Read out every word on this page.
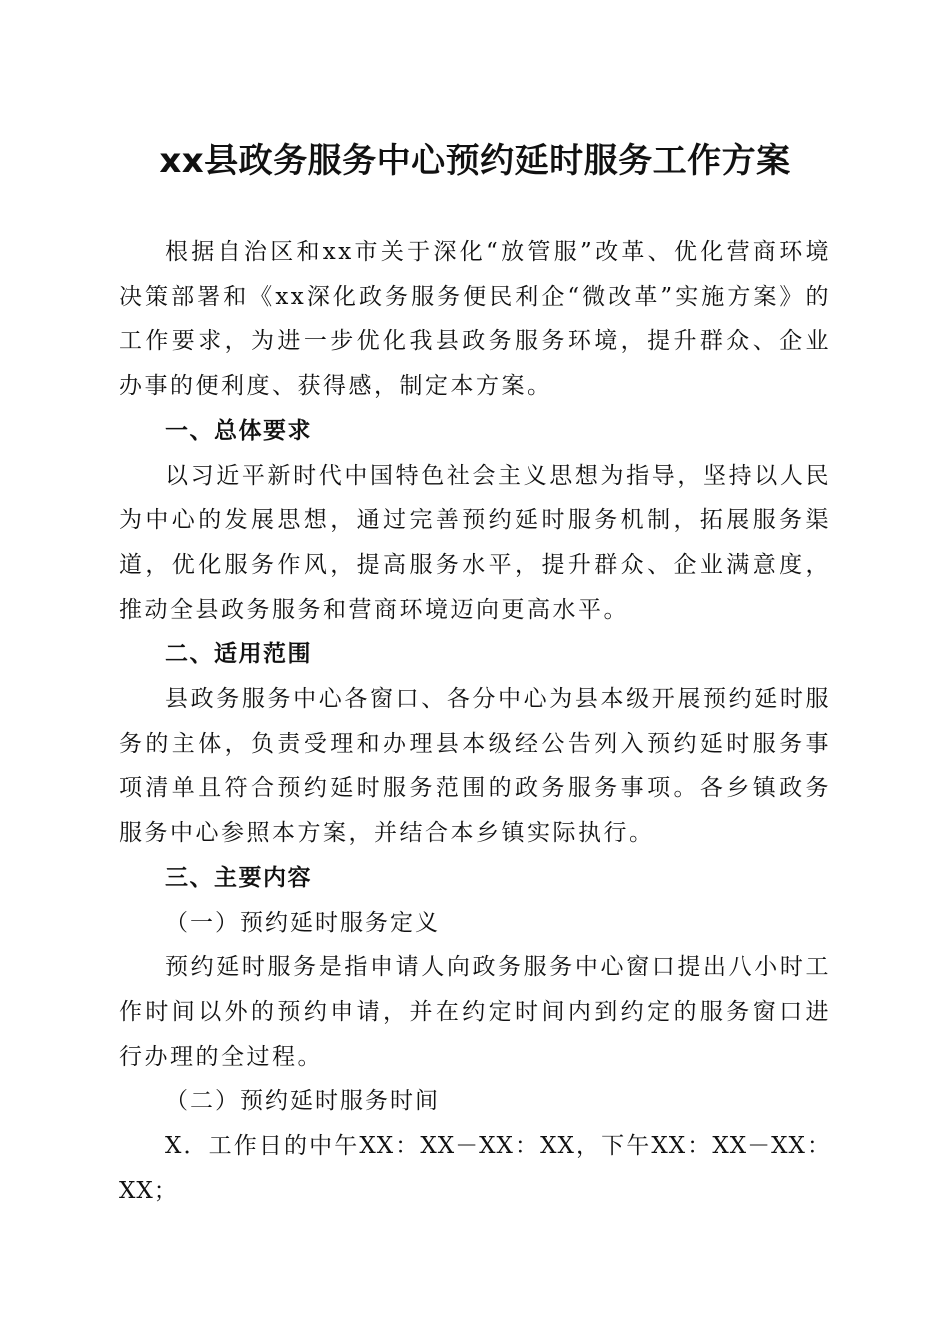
xx县政务服务中心预约延时服务工作方案

根据自治区和xx市关于深化“放管服”改革、优化营商环境决策部署和《xx深化政务服务便民利企“微改革”实施方案》的工作要求，为进一步优化我县政务服务环境，提升群众、企业办事的便利度、获得感，制定本方案。

一、总体要求

以习近平新时代中国特色社会主义思想为指导，坚持以人民为中心的发展思想，通过完善预约延时服务机制，拓展服务渠道，优化服务作风，提高服务水平，提升群众、企业满意度，推动全县政务服务和营商环境迈向更高水平。

二、适用范围

县政务服务中心各窗口、各分中心为县本级开展预约延时服务的主体，负责受理和办理县本级经公告列入预约延时服务事项清单且符合预约延时服务范围的政务服务事项。各乡镇政务服务中心参照本方案，并结合本乡镇实际执行。

三、主要内容

（一）预约延时服务定义

预约延时服务是指申请人向政务服务中心窗口提出八小时工作时间以外的预约申请，并在约定时间内到约定的服务窗口进行办理的全过程。

（二）预约延时服务时间

X．工作日的中午XX：XX－XX：XX，下午XX：XX－XX：XX；
